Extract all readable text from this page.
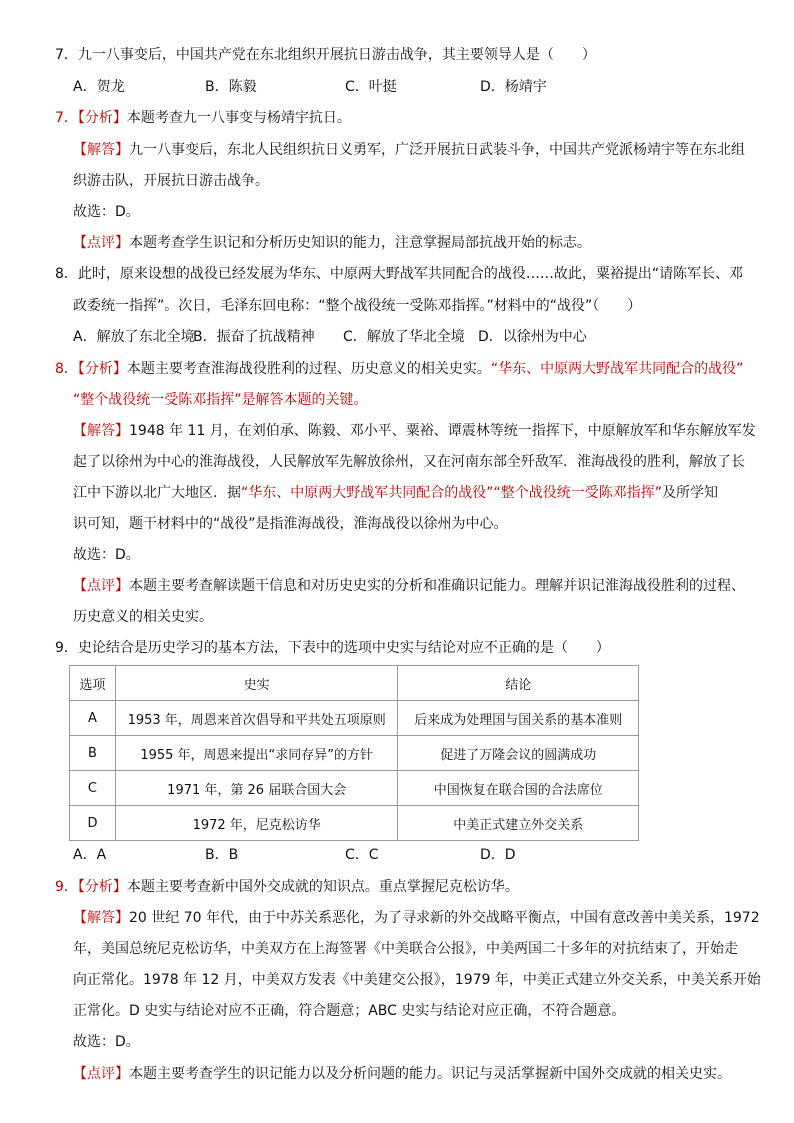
7．九一八事变后，中国共产党在东北组织开展抗日游击战争，其主要领导人是（　　）
A．贺龙	B．陈毅	C．叶挺	D．杨靖宇
7．【分析】本题考查九一八事变与杨靖宇抗日。
【解答】九一八事变后，东北人民组织抗日义勇军，广泛开展抗日武装斗争，中国共产党派杨靖宇等在东北组
织游击队，开展抗日游击战争。
故选：D。
【点评】本题考查学生识记和分析历史知识的能力，注意掌握局部抗战开始的标志。
8．此时，原来设想的战役已经发展为华东、中原两大野战军共同配合的战役……故此，粟裕提出“请陈军长、邓
政委统一指挥”。次日，毛泽东回电称：“整个战役统一受陈邓指挥。”材料中的“战役”（　　）
A．解放了东北全境
B．振奋了抗战精神 C．解放了华北全境 D．以徐州为中心
8．【分析】本题主要考查淮海战役胜利的过程、历史意义的相关史实。“华东、中原两大野战军共同配合的战役”
“整个战役统一受陈邓指挥”是解答本题的关键。
【解答】1948 年 11 月，在刘伯承、陈毅、邓小平、粟裕、谭震林等统一指挥下，中原解放军和华东解放军发
起了以徐州为中心的淮海战役，人民解放军先解放徐州，又在河南东部全歼敌军．淮海战役的胜利，解放了长
江中下游以北广大地区．据“华东、中原两大野战军共同配合的战役”“整个战役统一受陈邓指挥”及所学知
识可知，题干材料中的“战役”是指淮海战役，淮海战役以徐州为中心。
故选：D。
【点评】本题主要考查解读题干信息和对历史史实的分析和准确识记能力。理解并识记淮海战役胜利的过程、
历史意义的相关史实。
9．史论结合是历史学习的基本方法，下表中的选项中史实与结论对应不正确的是（　　）
选项	史实	结论
A	1953 年，周恩来首次倡导和平共处五项原则	后来成为处理国与国关系的基本准则
B	1955 年，周恩来提出“求同存异”的方针	促进了万隆会议的圆满成功
C	1971 年，第 26 届联合国大会	中国恢复在联合国的合法席位
D	1972 年，尼克松访华	中美正式建立外交关系
A．A	B．B	C．C	D．D
9．【分析】本题主要考查新中国外交成就的知识点。重点掌握尼克松访华。
【解答】20 世纪 70 年代，由于中苏关系恶化，为了寻求新的外交战略平衡点，中国有意改善中美关系，1972
年，美国总统尼克松访华，中美双方在上海签署《中美联合公报》，中美两国二十多年的对抗结束了，开始走
向正常化。1978 年 12 月，中美双方发表《中美建交公报》，1979 年，中美正式建立外交关系，中美关系开始
正常化。D 史实与结论对应不正确，符合题意；ABC 史实与结论对应正确，不符合题意。
故选：D。
【点评】本题主要考查学生的识记能力以及分析问题的能力。识记与灵活掌握新中国外交成就的相关史实。
